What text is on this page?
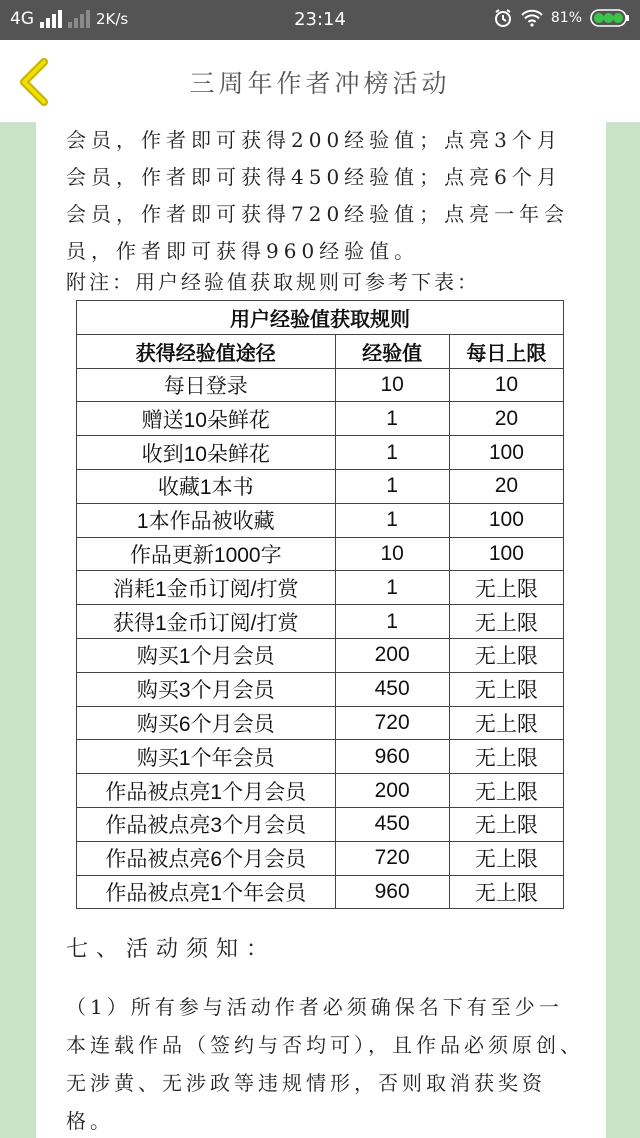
4G	2K/s	23:14	81%
三周年作者冲榜活动
会员，作者即可获得200经验值；点亮3个月会员，作者即可获得450经验值；点亮6个月会员，作者即可获得720经验值；点亮一年会员，作者即可获得960经验值。
附注：用户经验值获取规则可参考下表：
用户经验值获取规则		
获得经验值途径	经验值	每日上限
每日登录	10	10
赠送10朵鲜花	1	20
收到10朵鲜花	1	100
收藏1本书	1	20
1本作品被收藏	1	100
作品更新1000字	10	100
消耗1金币订阅/打赏	1	无上限
获得1金币订阅/打赏	1	无上限
购买1个月会员	200	无上限
购买3个月会员	450	无上限
购买6个月会员	720	无上限
购买1个年会员	960	无上限
作品被点亮1个月会员	200	无上限
作品被点亮3个月会员	450	无上限
作品被点亮6个月会员	720	无上限
作品被点亮1个年会员	960	无上限
七、活动须知：
（1）所有参与活动作者必须确保名下有至少一本连载作品（签约与否均可），且作品必须原创、无涉黄、无涉政等违规情形，否则取消获奖资格。
